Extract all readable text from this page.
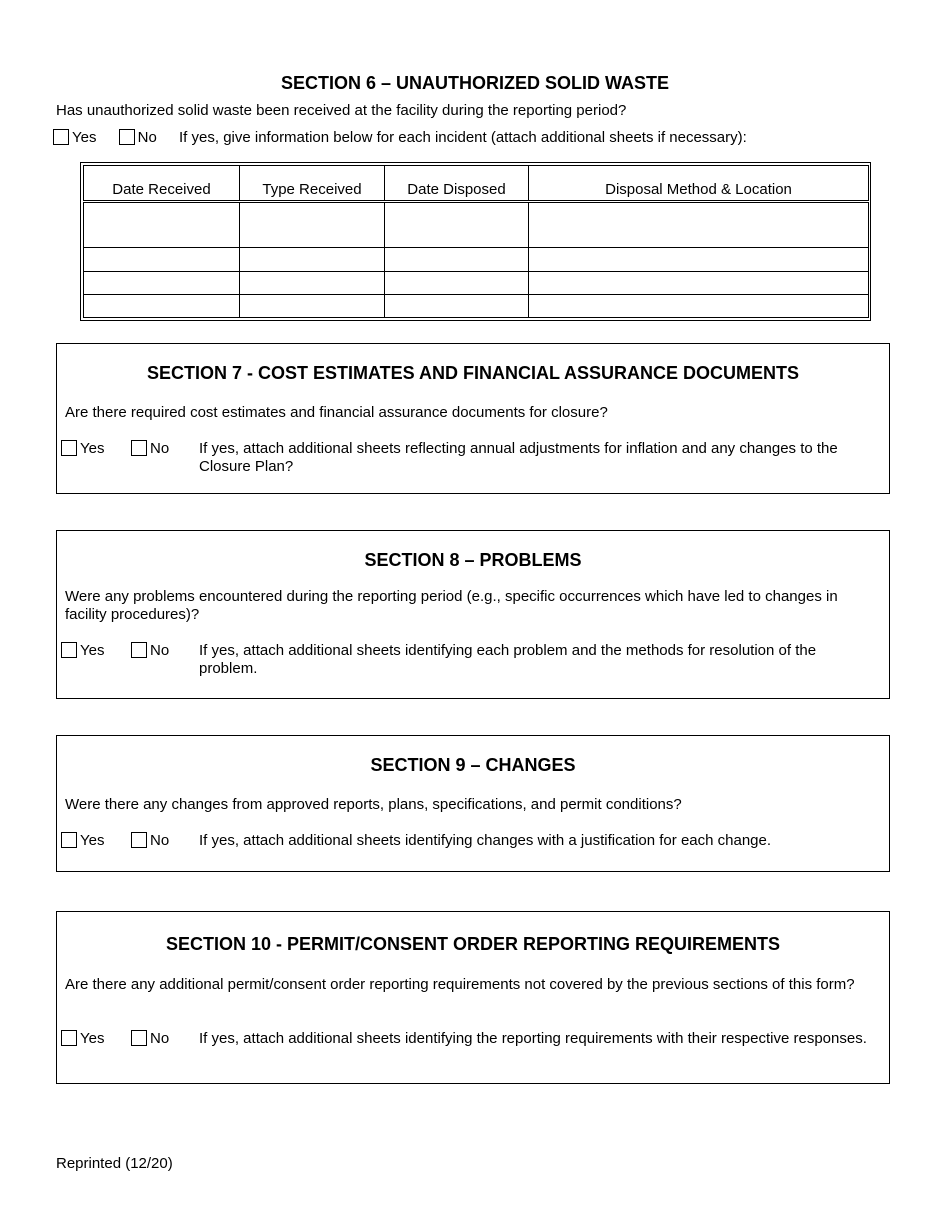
SECTION 6 – UNAUTHORIZED SOLID WASTE
Has unauthorized solid waste been received at the facility during the reporting period?
Yes	No If yes, give information below for each incident (attach additional sheets if necessary):
Date Received	Type Received	Date Disposed	Disposal Method & Location

SECTION 7 - COST ESTIMATES AND FINANCIAL ASSURANCE DOCUMENTS
Are there required cost estimates and financial assurance documents for closure?
Yes	No If yes, attach additional sheets reflecting annual adjustments for inflation and any changes to the Closure Plan?
SECTION 8 – PROBLEMS
Were any problems encountered during the reporting period (e.g., specific occurrences which have led to changes in facility procedures)?
Yes	No If yes, attach additional sheets identifying each problem and the methods for resolution of the problem.
SECTION 9 – CHANGES
Were there any changes from approved reports, plans, specifications, and permit conditions?
Yes	No If yes, attach additional sheets identifying changes with a justification for each change.
SECTION 10 - PERMIT/CONSENT ORDER REPORTING REQUIREMENTS
Are there any additional permit/consent order reporting requirements not covered by the previous sections of this form?
Yes	No If yes, attach additional sheets identifying the reporting requirements with their respective responses.
Reprinted (12/20)
